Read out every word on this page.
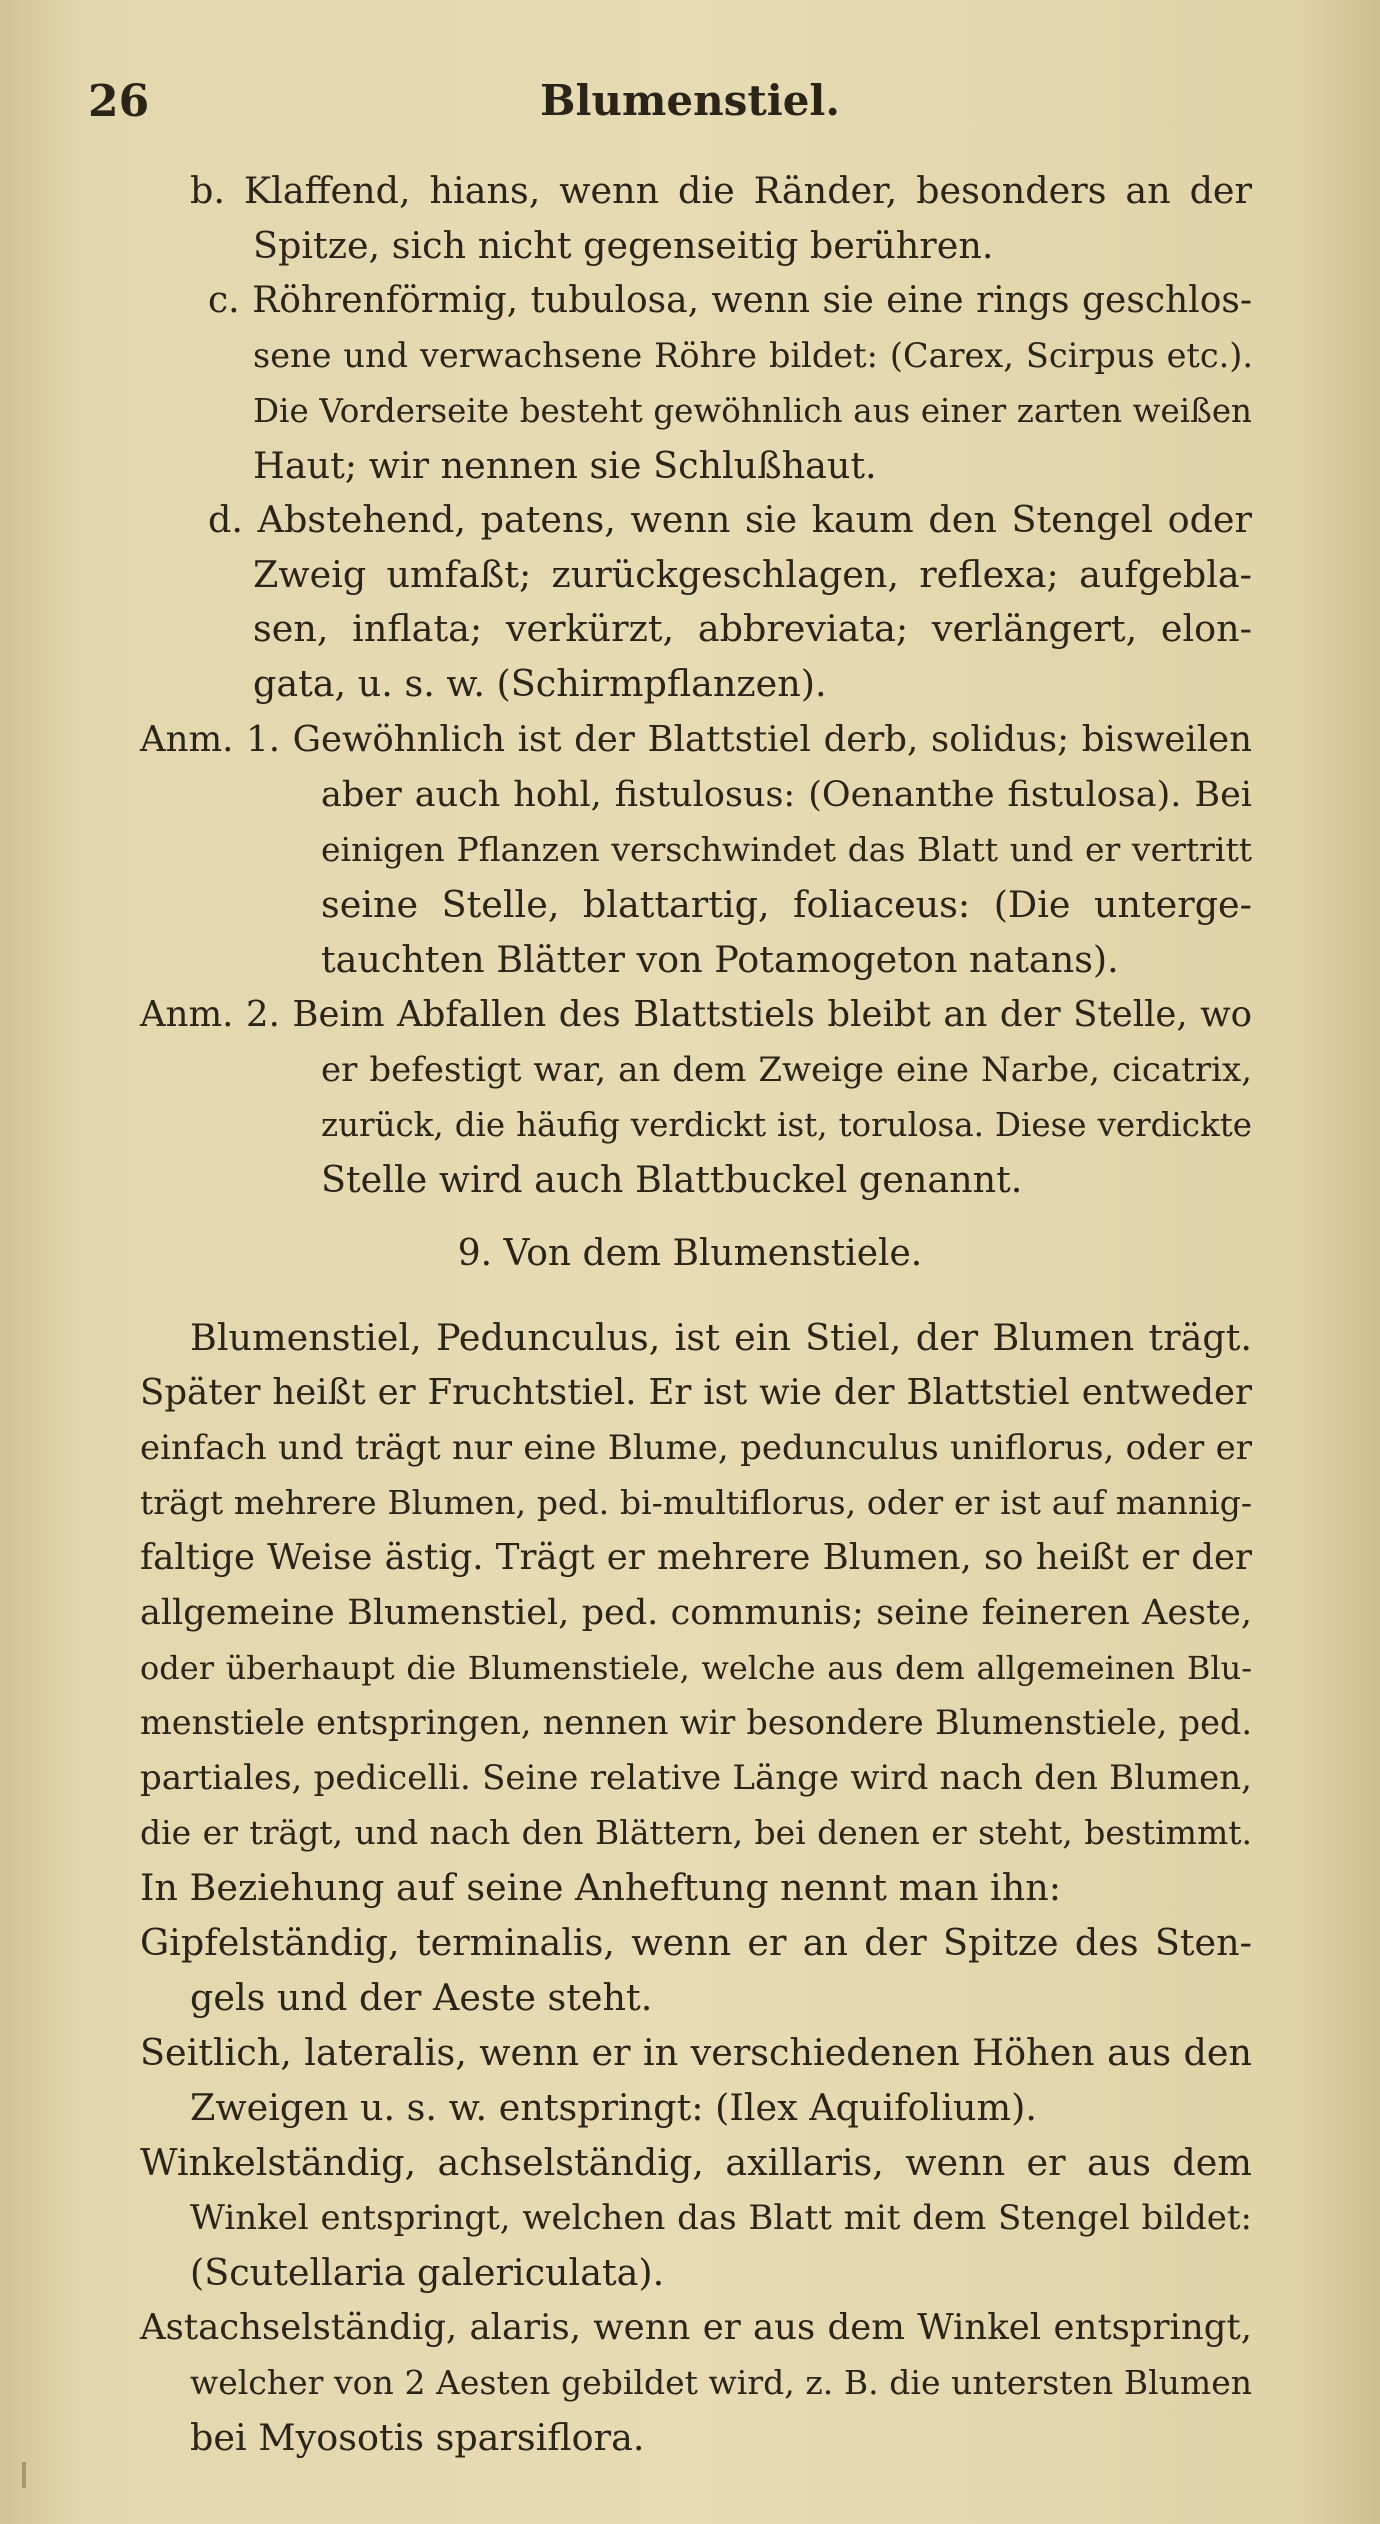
26	Blumenstiel.
b. Klaffend, hians, wenn die Ränder, besonders an der
Spitze, sich nicht gegenseitig berühren.
c. Röhrenförmig, tubulosa, wenn sie eine rings geschlos-
sene und verwachsene Röhre bildet: (Carex, Scirpus etc.).
Die Vorderseite besteht gewöhnlich aus einer zarten weißen
Haut; wir nennen sie Schlußhaut.
d. Abstehend, patens, wenn sie kaum den Stengel oder
Zweig umfaßt; zurückgeschlagen, reflexa; aufgebla-
sen, inflata; verkürzt, abbreviata; verlängert, elon-
gata, u. s. w. (Schirmpflanzen).
Anm. 1. Gewöhnlich ist der Blattstiel derb, solidus; bisweilen
aber auch hohl, fistulosus: (Oenanthe fistulosa). Bei
einigen Pflanzen verschwindet das Blatt und er vertritt
seine Stelle, blattartig, foliaceus: (Die unterge-
tauchten Blätter von Potamogeton natans).
Anm. 2. Beim Abfallen des Blattstiels bleibt an der Stelle, wo
er befestigt war, an dem Zweige eine Narbe, cicatrix,
zurück, die häufig verdickt ist, torulosa. Diese verdickte
Stelle wird auch Blattbuckel genannt.
9. Von dem Blumenstiele.
Blumenstiel, Pedunculus, ist ein Stiel, der Blumen trägt.
Später heißt er Fruchtstiel. Er ist wie der Blattstiel entweder
einfach und trägt nur eine Blume, pedunculus uniflorus, oder er
trägt mehrere Blumen, ped. bi-multiflorus, oder er ist auf mannig-
faltige Weise ästig. Trägt er mehrere Blumen, so heißt er der
allgemeine Blumenstiel, ped. communis; seine feineren Aeste,
oder überhaupt die Blumenstiele, welche aus dem allgemeinen Blu-
menstiele entspringen, nennen wir besondere Blumenstiele, ped.
partiales, pedicelli. Seine relative Länge wird nach den Blumen,
die er trägt, und nach den Blättern, bei denen er steht, bestimmt.
In Beziehung auf seine Anheftung nennt man ihn:
Gipfelständig, terminalis, wenn er an der Spitze des Sten-
gels und der Aeste steht.
Seitlich, lateralis, wenn er in verschiedenen Höhen aus den
Zweigen u. s. w. entspringt: (Ilex Aquifolium).
Winkelständig, achselständig, axillaris, wenn er aus dem
Winkel entspringt, welchen das Blatt mit dem Stengel bildet:
(Scutellaria galericulata).
Astachselständig, alaris, wenn er aus dem Winkel entspringt,
welcher von 2 Aesten gebildet wird, z. B. die untersten Blumen
bei Myosotis sparsiflora.
